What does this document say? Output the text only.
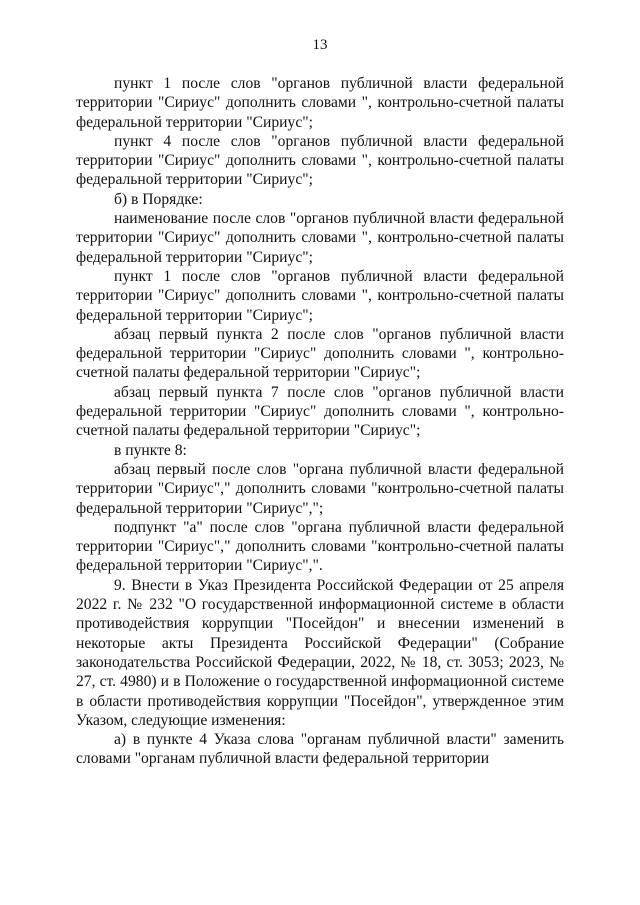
13

пункт 1 после слов "органов публичной власти федеральной территории "Сириус" дополнить словами ", контрольно-счетной палаты федеральной территории "Сириус";

пункт 4 после слов "органов публичной власти федеральной территории "Сириус" дополнить словами ", контрольно-счетной палаты федеральной территории "Сириус";

б) в Порядке:

наименование после слов "органов публичной власти федеральной территории "Сириус" дополнить словами ", контрольно-счетной палаты федеральной территории "Сириус";

пункт 1 после слов "органов публичной власти федеральной территории "Сириус" дополнить словами ", контрольно-счетной палаты федеральной территории "Сириус";

абзац первый пункта 2 после слов "органов публичной власти федеральной территории "Сириус" дополнить словами ", контрольно-счетной палаты федеральной территории "Сириус";

абзац первый пункта 7 после слов "органов публичной власти федеральной территории "Сириус" дополнить словами ", контрольно-счетной палаты федеральной территории "Сириус";

в пункте 8:

абзац первый после слов "органа публичной власти федеральной территории "Сириус"," дополнить словами "контрольно-счетной палаты федеральной территории "Сириус",";

подпункт "а" после слов "органа публичной власти федеральной территории "Сириус"," дополнить словами "контрольно-счетной палаты федеральной территории "Сириус",".

9. Внести в Указ Президента Российской Федерации от 25 апреля 2022 г. № 232 "О государственной информационной системе в области противодействия коррупции "Посейдон" и внесении изменений в некоторые акты Президента Российской Федерации" (Собрание законодательства Российской Федерации, 2022, № 18, ст. 3053; 2023, № 27, ст. 4980) и в Положение о государственной информационной системе в области противодействия коррупции "Посейдон", утвержденное этим Указом, следующие изменения:

а) в пункте 4 Указа слова "органам публичной власти" заменить словами "органам публичной власти федеральной территории
